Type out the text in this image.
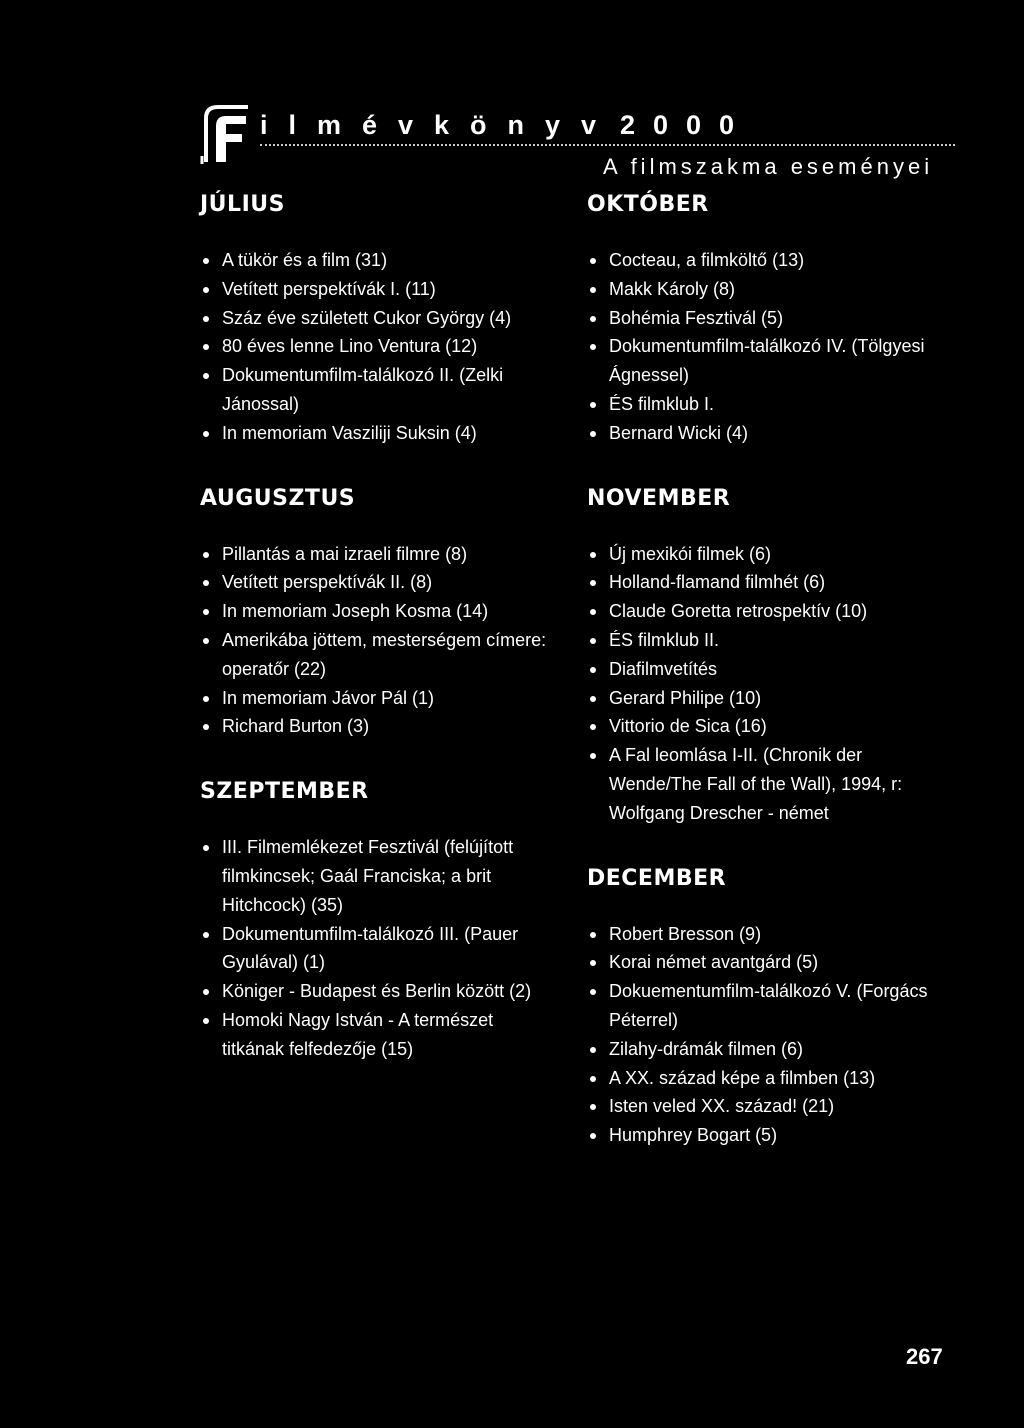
ilmévkönyv 2000
A filmszakma eseményei
JÚLIUS
A tükör és a film (31)
Vetített perspektívák I. (11)
Száz éve született Cukor György (4)
80 éves lenne Lino Ventura (12)
Dokumentumfilm-találkozó II. (Zelki Jánossal)
In memoriam Vasziliji Suksin (4)
AUGUSZTUS
Pillantás a mai izraeli filmre (8)
Vetített perspektívák II. (8)
In memoriam Joseph Kosma (14)
Amerikába jöttem, mesterségem címere: operatőr (22)
In memoriam Jávor Pál (1)
Richard Burton (3)
SZEPTEMBER
III. Filmemlékezet Fesztivál (felújított filmkincsek; Gaál Franciska; a brit Hitchcock) (35)
Dokumentumfilm-találkozó III. (Pauer Gyulával) (1)
Königer - Budapest és Berlin között (2)
Homoki Nagy István - A természet titkának felfedezője (15)
OKTÓBER
Cocteau, a filmköltő (13)
Makk Károly (8)
Bohémia Fesztivál (5)
Dokumentumfilm-találkozó IV. (Tölgyesi Ágnessel)
ÉS filmklub I.
Bernard Wicki (4)
NOVEMBER
Új mexikói filmek (6)
Holland-flamand filmhét (6)
Claude Goretta retrospektív (10)
ÉS filmklub II.
Diafilmvetítés
Gerard Philipe (10)
Vittorio de Sica (16)
A Fal leomlása I-II. (Chronik der Wende/The Fall of the Wall), 1994, r: Wolfgang Drescher - német
DECEMBER
Robert Bresson (9)
Korai német avantgárd (5)
Dokuementumfilm-találkozó V. (Forgács Péterrel)
Zilahy-drámák filmen (6)
A XX. század képe a filmben (13)
Isten veled XX. század! (21)
Humphrey Bogart (5)
267
